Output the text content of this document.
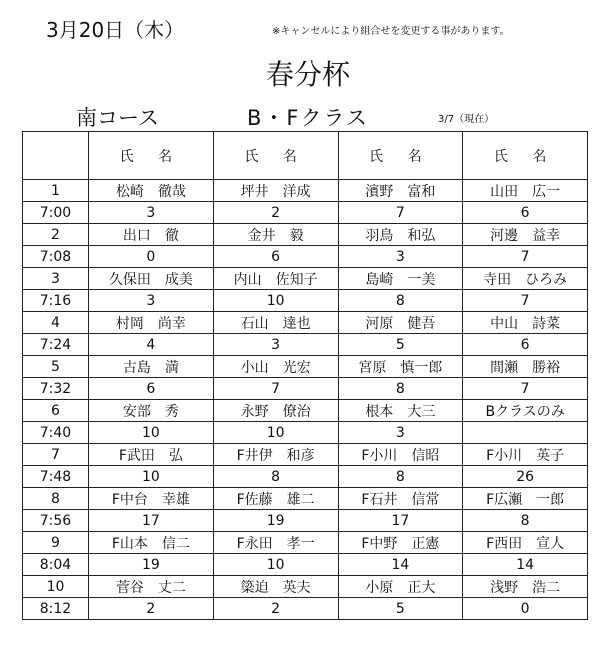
3月20日（木）	※キャンセルにより組合せを変更する事があります。
春分杯
南コース	B・Fクラス	3/7（現在）
	氏 名	氏 名	氏 名	氏 名
1	松崎　徹哉	坪井　洋成	濱野　富和	山田　広一
7:00	3	2	7	6
2	出口　徹	金井　毅	羽鳥　和弘	河邊　益幸
7:08	0	6	3	7
3	久保田　成美	内山　佐知子	島崎　一美	寺田　ひろみ
7:16	3	10	8	7
4	村岡　尚幸	石山　達也	河原　健吾	中山　詩菜
7:24	4	3	5	6
5	古島　満	小山　光宏	宮原　慎一郎	間瀬　勝裕
7:32	6	7	8	7
6	安部　秀	永野　僚治	根本　大三	Bクラスのみ
7:40	10	10	3	
7	F武田　弘	F井伊　和彦	F小川　信昭	F小川　英子
7:48	10	8	8	26
8	F中台　幸雄	F佐藤　雄二	F石井　信常	F広瀬　一郎
7:56	17	19	17	8
9	F山本　信二	F永田　孝一	F中野　正憲	F西田　宣人
8:04	19	10	14	14
10	菅谷　丈二	簗迫　英夫	小原　正大	浅野　浩二
8:12	2	2	5	0
